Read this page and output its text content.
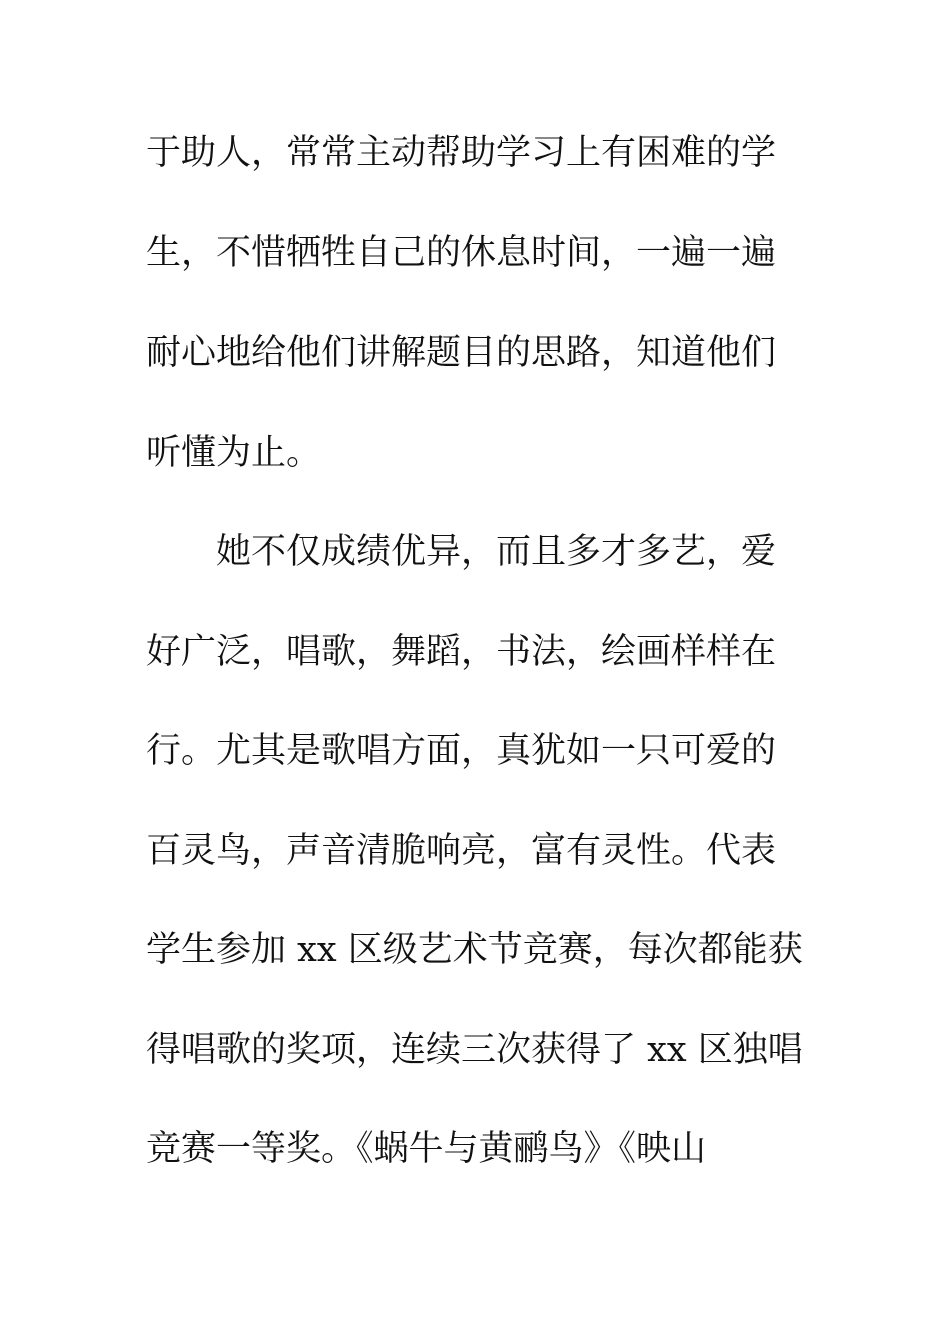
于助人，常常主动帮助学习上有困难的学
生，不惜牺牲自己的休息时间，一遍一遍
耐心地给他们讲解题目的思路，知道他们
听懂为止。
她不仅成绩优异，而且多才多艺，爱
好广泛，唱歌，舞蹈，书法，绘画样样在
行。尤其是歌唱方面，真犹如一只可爱的
百灵鸟，声音清脆响亮，富有灵性。代表
学生参加 xx 区级艺术节竞赛，每次都能获
得唱歌的奖项，连续三次获得了 xx 区独唱
竞赛一等奖。《蜗牛与黄鹂鸟》《映山
